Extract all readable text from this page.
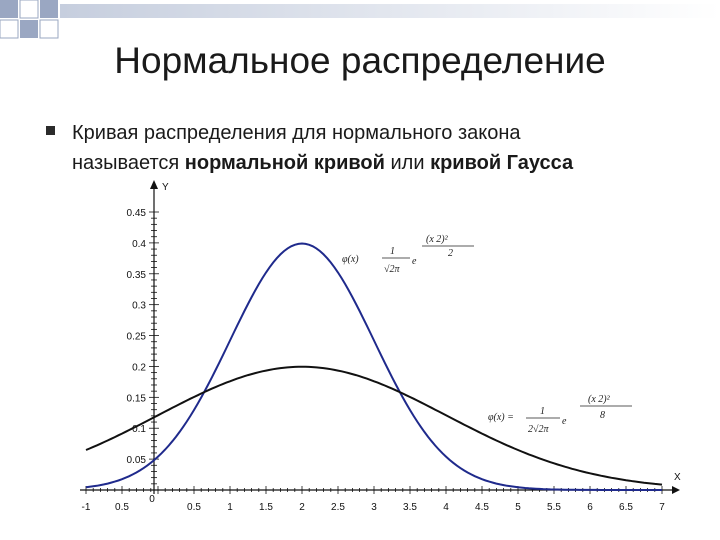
Нормальное распределение
Кривая распределения для нормального закона
называется нормальной кривой или кривой Гаусса
-1 0.5	0.5	1	1.5	2	2.5	3	3.5	4	4.5	5	5.5	6	6.5	7
0
0.05
0.1
0.15
0.2
0.25
0.3
0.35
0.4
0.45
X
Y
φ(x)
1
√2π
e
(x 2)²
2
φ(x) =
1
2√2π
e
(x 2)²
8
